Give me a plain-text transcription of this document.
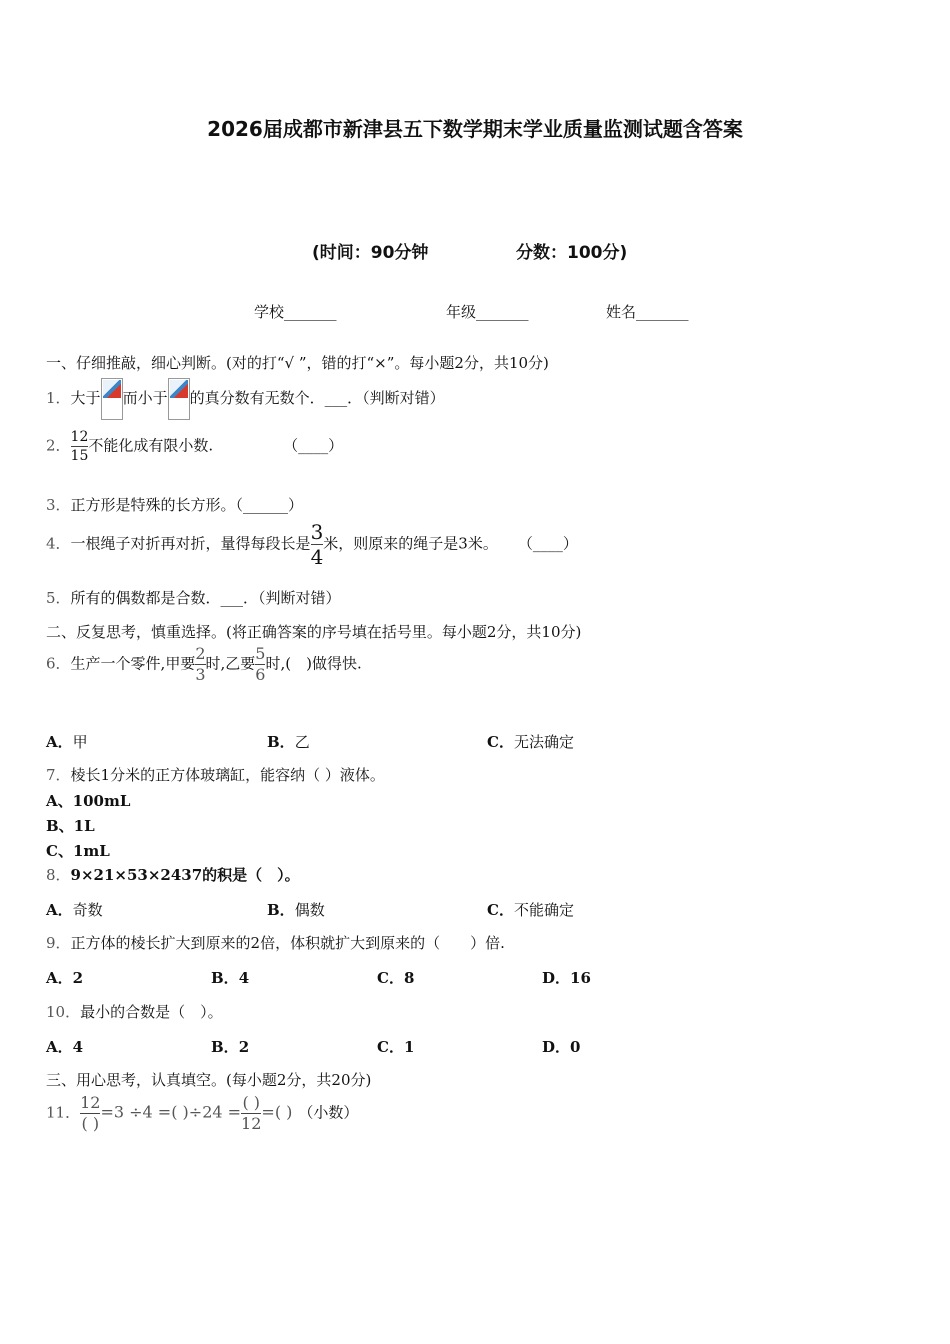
2026届成都市新津县五下数学期末学业质量监测试题含答案
(时间：90分钟	分数：100分)
学校_______	年级_______	姓名_______
一、仔细推敲，细心判断。(对的打“√ ”，错的打“×”。每小题2分，共10分)
1．大于 而小于 的真分数有无数个．___．（判断对错）
2． $\frac{12}{15}$ 不能化成有限小数.	（____）
3．正方形是特殊的长方形。（______）
4．一根绳子对折再对折，量得每段长是 $\frac{3}{4}$ 米，则原来的绳子是3米。 （____）
5．所有的偶数都是合数．___．（判断对错）
二、反复思考，慎重选择。(将正确答案的序号填在括号里。每小题2分，共10分)
6．生产一个零件,甲要 $\frac{2}{3}$ 时,乙要 $\frac{5}{6}$ 时,( )做得快.
A．甲	B．乙	C．无法确定
7．棱长1分米的正方体玻璃缸，能容纳（ ）液体。
A、100mL
B、1L
C、1mL
8．9×21×53×2437的积是（　）。
A．奇数	B．偶数	C．不能确定
9．正方体的棱长扩大到原来的2倍，体积就扩大到原来的（　　）倍.
A．2	B．4	C．8	D．16
10．最小的合数是（　）。
A．4	B．2	C．1	D．0
三、用心思考，认真填空。(每小题2分，共20分)
11． $\frac{12}{( )} =3 \div 4$ =( )$\div 24 = \frac{( )}{12}$ =( ) （小数）
